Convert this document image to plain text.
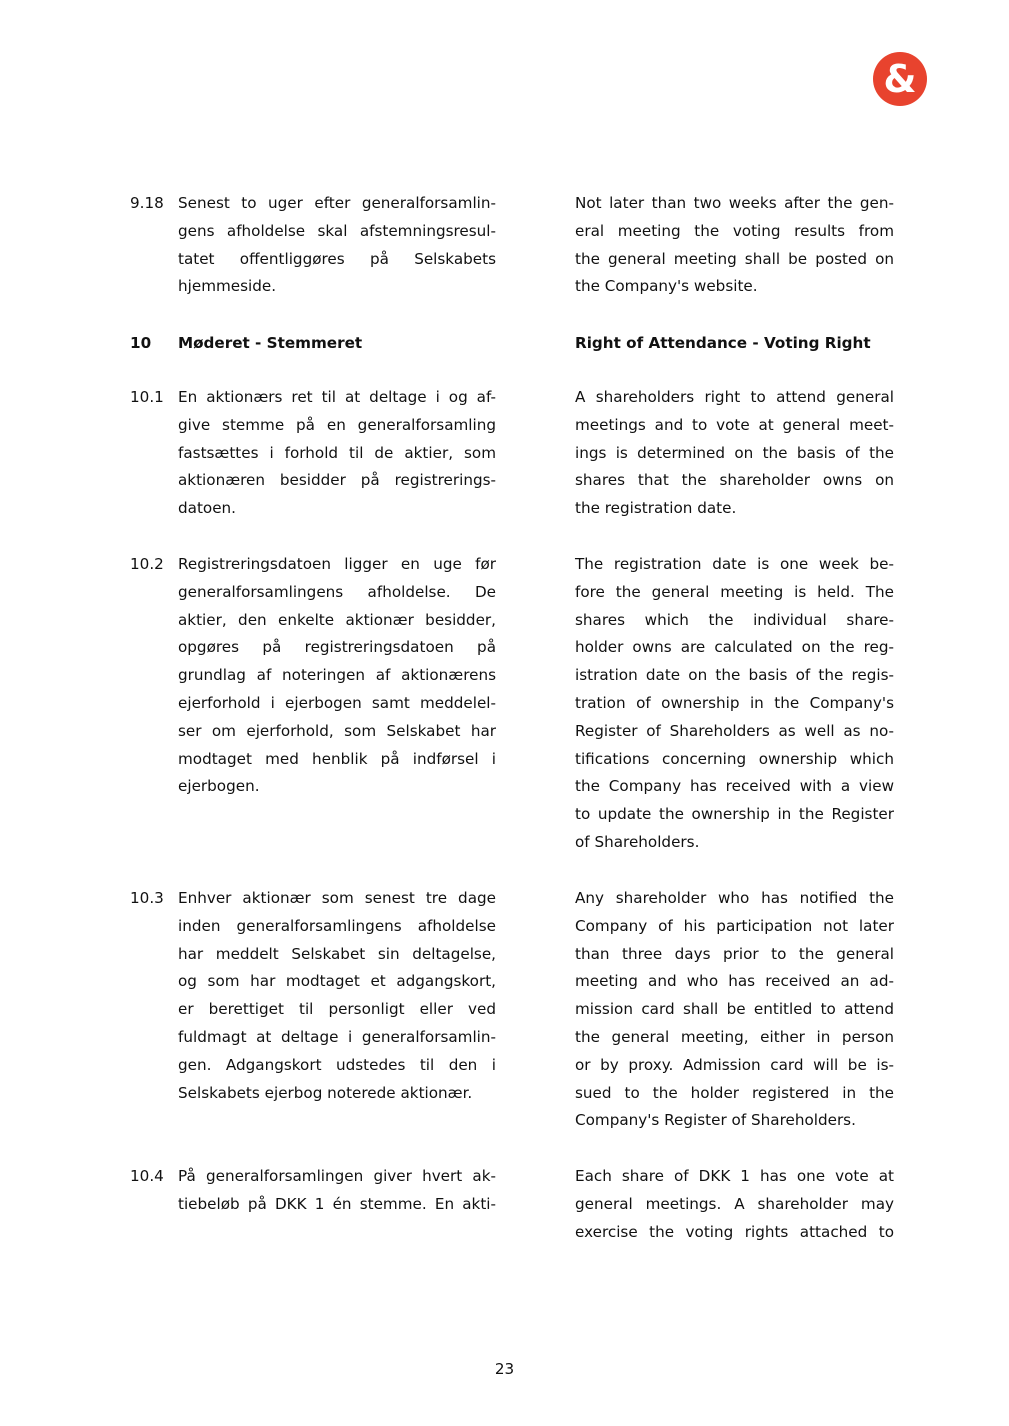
&
10 Møderet - Stemmeret	Right of Attendance - Voting Right
9.18 Senest to uger efter generalforsamlin-
gens afholdelse skal afstemningsresul-
tatet offentliggøres på Selskabets
hjemmeside.
Not later than two weeks after the gen-
eral meeting the voting results from
the general meeting shall be posted on
the Company's website.
10.1 En aktionærs ret til at deltage i og af-
give stemme på en generalforsamling
fastsættes i forhold til de aktier, som
aktionæren besidder på registrerings-
datoen.
A shareholders right to attend general
meetings and to vote at general meet-
ings is determined on the basis of the
shares that the shareholder owns on
the registration date.
10.2 Registreringsdatoen ligger en uge før
generalforsamlingens afholdelse. De
aktier, den enkelte aktionær besidder,
opgøres på registreringsdatoen på
grundlag af noteringen af aktionærens
ejerforhold i ejerbogen samt meddelel-
ser om ejerforhold, som Selskabet har
modtaget med henblik på indførsel i
ejerbogen.
The registration date is one week be-
fore the general meeting is held. The
shares which the individual share-
holder owns are calculated on the reg-
istration date on the basis of the regis-
tration of ownership in the Company's
Register of Shareholders as well as no-
tifications concerning ownership which
the Company has received with a view
to update the ownership in the Register
of Shareholders.
10.3 Enhver aktionær som senest tre dage
inden generalforsamlingens afholdelse
har meddelt Selskabet sin deltagelse,
og som har modtaget et adgangskort,
er berettiget til personligt eller ved
fuldmagt at deltage i generalforsamlin-
gen. Adgangskort udstedes til den i
Selskabets ejerbog noterede aktionær.
Any shareholder who has notified the
Company of his participation not later
than three days prior to the general
meeting and who has received an ad-
mission card shall be entitled to attend
the general meeting, either in person
or by proxy. Admission card will be is-
sued to the holder registered in the
Company's Register of Shareholders.
10.4 På generalforsamlingen giver hvert ak-
tiebeløb på DKK 1 én stemme. En akti-
Each share of DKK 1 has one vote at
general meetings. A shareholder may
exercise the voting rights attached to
23
